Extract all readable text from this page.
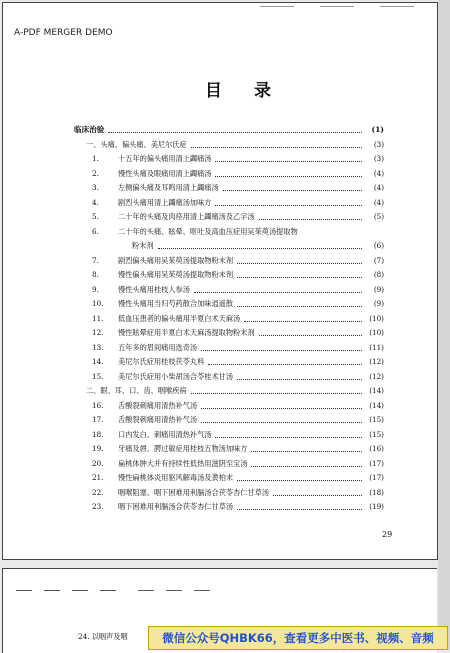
A-PDF MERGER DEMO
目录
临床治验	(1)
一、头痛、偏头痛、美尼尔氏症	(3)
1.	十五年的偏头痛用清上蠲痛汤	(3)
2.	慢性头痛及眼痛用清上蠲痛汤	(4)
3.	左侧偏头痛及耳鸣用清上蠲痛汤	(4)
4.	剧烈头痛用清上蠲痛汤加味方	(4)
5.	二十年的头痛及肉痉用清上蠲痛汤及乙字汤	(5)
6.	二十年的头痛、眩晕、呕吐及高血压症用吴茱萸汤提取物
粉末剂	(6)
7.	剧烈偏头痛用吴茱萸汤提取物粉末剂	(7)
8.	慢性偏头痛用吴茱萸汤提取物粉末剂	(8)
9.	慢性头痛用桂枝人参汤	(9)
10.	慢性头痛用当归芍药散合加味逍遥散	(9)
11.	低血压患者的偏头痛用半夏白术天麻汤	(10)
12.	慢性眩晕症用半夏白术天麻汤提取物粉末剂	(10)
13.	五年多的眉间痛用选奇汤	(11)
14.	美尼尔氏症用桂枝茯苓丸料	(12)
15.	美尼尔氏症用小柴胡汤合苓桂术甘汤	(12)
二、眼、耳、口、齿、咽喉疾病	(14)
16.	舌酸裂刺痛用清热补气汤	(14)
17.	舌酸裂刺痛用清热补气汤	(15)
18.	口内发白、刺痛用清热补气汤	(15)
19.	牙痛及唇、腭过敏症用桂枝五物汤加味方	(16)
20.	扁桃体肿大并有持续性低热用滋阴至宝汤	(17)
21.	慢性扁桃体炎用驱风解毒汤及黄柏末	(17)
22.	咽喉阻塞、咽下困难用利膈汤合茯苓杏仁甘草汤	(18)
23.	咽下困难用利膈汤合茯苓杏仁甘草汤	(19)
29
24. 以咽声及咽	微信公众号QHBK66，查看更多中医书、视频、音频
